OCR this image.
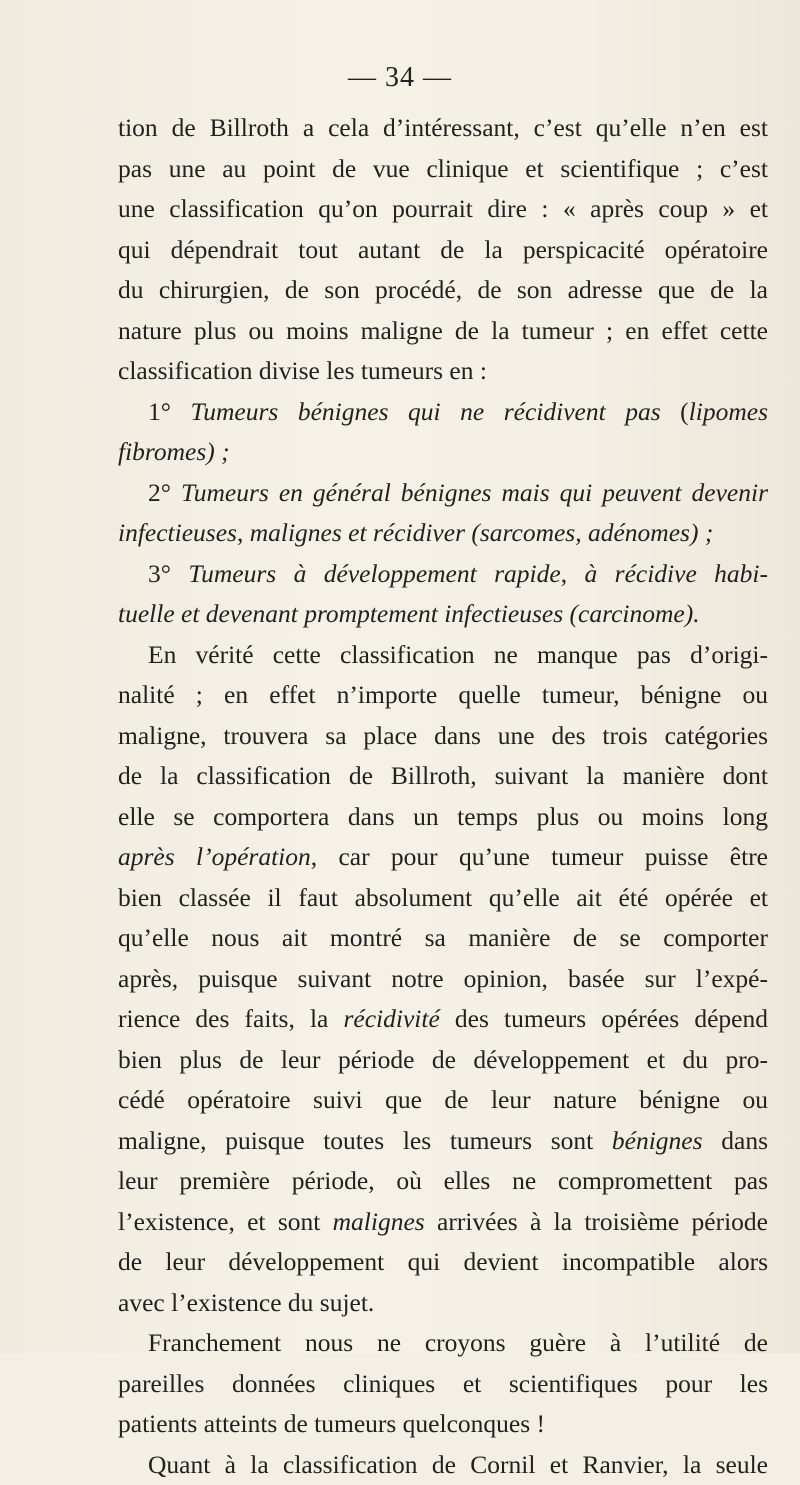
— 34 —
tion de Billroth a cela d’intéressant, c’est qu’elle n’en est
pas une au point de vue clinique et scientifique ; c’est
une classification qu’on pourrait dire : « après coup » et
qui dépendrait tout autant de la perspicacité opératoire
du chirurgien, de son procédé, de son adresse que de la
nature plus ou moins maligne de la tumeur ; en effet cette
classification divise les tumeurs en :
1° Tumeurs bénignes qui ne récidivent pas (lipomes
fibromes) ;
2° Tumeurs en général bénignes mais qui peuvent devenir
infectieuses, malignes et récidiver (sarcomes, adénomes) ;
3° Tumeurs à développement rapide, à récidive habi-
tuelle et devenant promptement infectieuses (carcinome).
En vérité cette classification ne manque pas d’origi-
nalité ; en effet n’importe quelle tumeur, bénigne ou
maligne, trouvera sa place dans une des trois catégories
de la classification de Billroth, suivant la manière dont
elle se comportera dans un temps plus ou moins long
après l’opération, car pour qu’une tumeur puisse être
bien classée il faut absolument qu’elle ait été opérée et
qu’elle nous ait montré sa manière de se comporter
après, puisque suivant notre opinion, basée sur l’expé-
rience des faits, la récidivité des tumeurs opérées dépend
bien plus de leur période de développement et du pro-
cédé opératoire suivi que de leur nature bénigne ou
maligne, puisque toutes les tumeurs sont bénignes dans
leur première période, où elles ne compromettent pas
l’existence, et sont malignes arrivées à la troisième période
de leur développement qui devient incompatible alors
avec l’existence du sujet.
Franchement nous ne croyons guère à l’utilité de
pareilles données cliniques et scientifiques pour les
patients atteints de tumeurs quelconques !
Quant à la classification de Cornil et Ranvier, la seule
